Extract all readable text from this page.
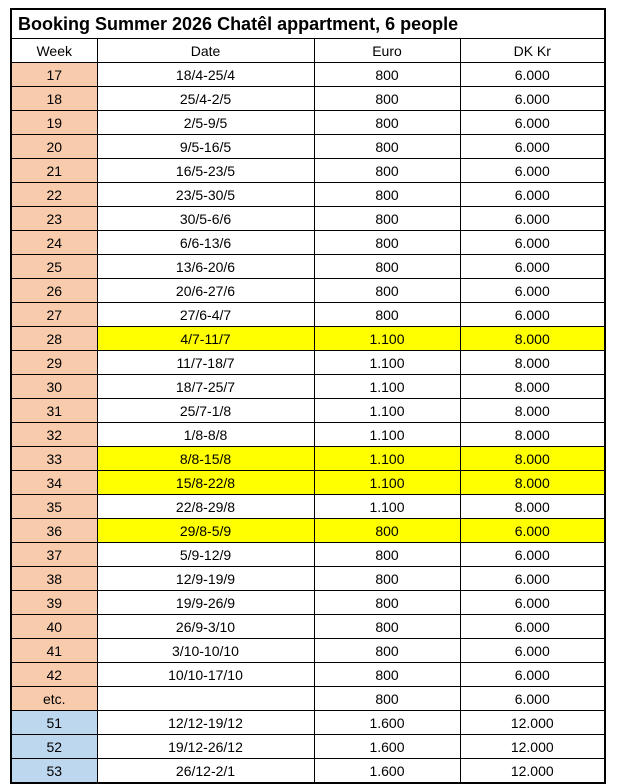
Booking Summer 2026 Chatêl appartment, 6 people			
Week	Date	Euro	DK Kr
17	18/4-25/4	800	6.000
18	25/4-2/5	800	6.000
19	2/5-9/5	800	6.000
20	9/5-16/5	800	6.000
21	16/5-23/5	800	6.000
22	23/5-30/5	800	6.000
23	30/5-6/6	800	6.000
24	6/6-13/6	800	6.000
25	13/6-20/6	800	6.000
26	20/6-27/6	800	6.000
27	27/6-4/7	800	6.000
28	4/7-11/7	1.100	8.000
29	11/7-18/7	1.100	8.000
30	18/7-25/7	1.100	8.000
31	25/7-1/8	1.100	8.000
32	1/8-8/8	1.100	8.000
33	8/8-15/8	1.100	8.000
34	15/8-22/8	1.100	8.000
35	22/8-29/8	1.100	8.000
36	29/8-5/9	800	6.000
37	5/9-12/9	800	6.000
38	12/9-19/9	800	6.000
39	19/9-26/9	800	6.000
40	26/9-3/10	800	6.000
41	3/10-10/10	800	6.000
42	10/10-17/10	800	6.000
etc.		800	6.000
51	12/12-19/12	1.600	12.000
52	19/12-26/12	1.600	12.000
53	26/12-2/1	1.600	12.000
